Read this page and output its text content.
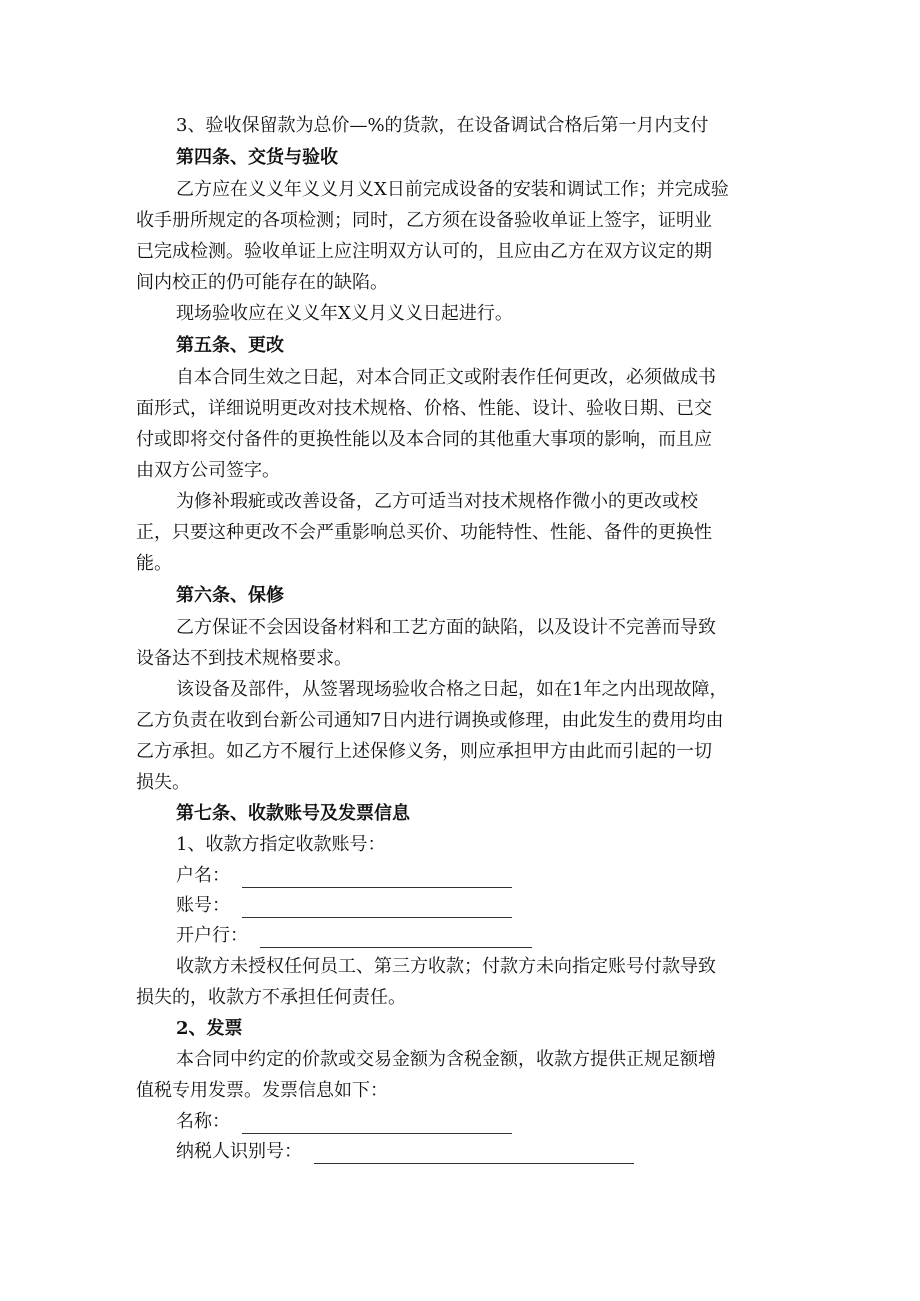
3、验收保留款为总价—%的货款，在设备调试合格后第一月内支付
第四条、交货与验收
乙方应在义义年义义月义X日前完成设备的安装和调试工作；并完成验
收手册所规定的各项检测；同时，乙方须在设备验收单证上签字，证明业
已完成检测。验收单证上应注明双方认可的，且应由乙方在双方议定的期
间内校正的仍可能存在的缺陷。
现场验收应在义义年X义月义义日起进行。
第五条、更改
自本合同生效之日起，对本合同正文或附表作任何更改，必须做成书
面形式，详细说明更改对技术规格、价格、性能、设计、验收日期、已交
付或即将交付备件的更换性能以及本合同的其他重大事项的影响，而且应
由双方公司签字。
为修补瑕疵或改善设备，乙方可适当对技术规格作微小的更改或校
正，只要这种更改不会严重影响总买价、功能特性、性能、备件的更换性
能。
第六条、保修
乙方保证不会因设备材料和工艺方面的缺陷，以及设计不完善而导致
设备达不到技术规格要求。
该设备及部件，从签署现场验收合格之日起，如在1年之内出现故障，
乙方负责在收到台新公司通知7日内进行调换或修理，由此发生的费用均由
乙方承担。如乙方不履行上述保修义务，则应承担甲方由此而引起的一切
损失。
第七条、收款账号及发票信息
1、收款方指定收款账号：
户名：
账号：
开户行：
收款方未授权任何员工、第三方收款；付款方未向指定账号付款导致
损失的，收款方不承担任何责任。
2、发票
本合同中约定的价款或交易金额为含税金额，收款方提供正规足额增
值税专用发票。发票信息如下：
名称：
纳税人识别号：
